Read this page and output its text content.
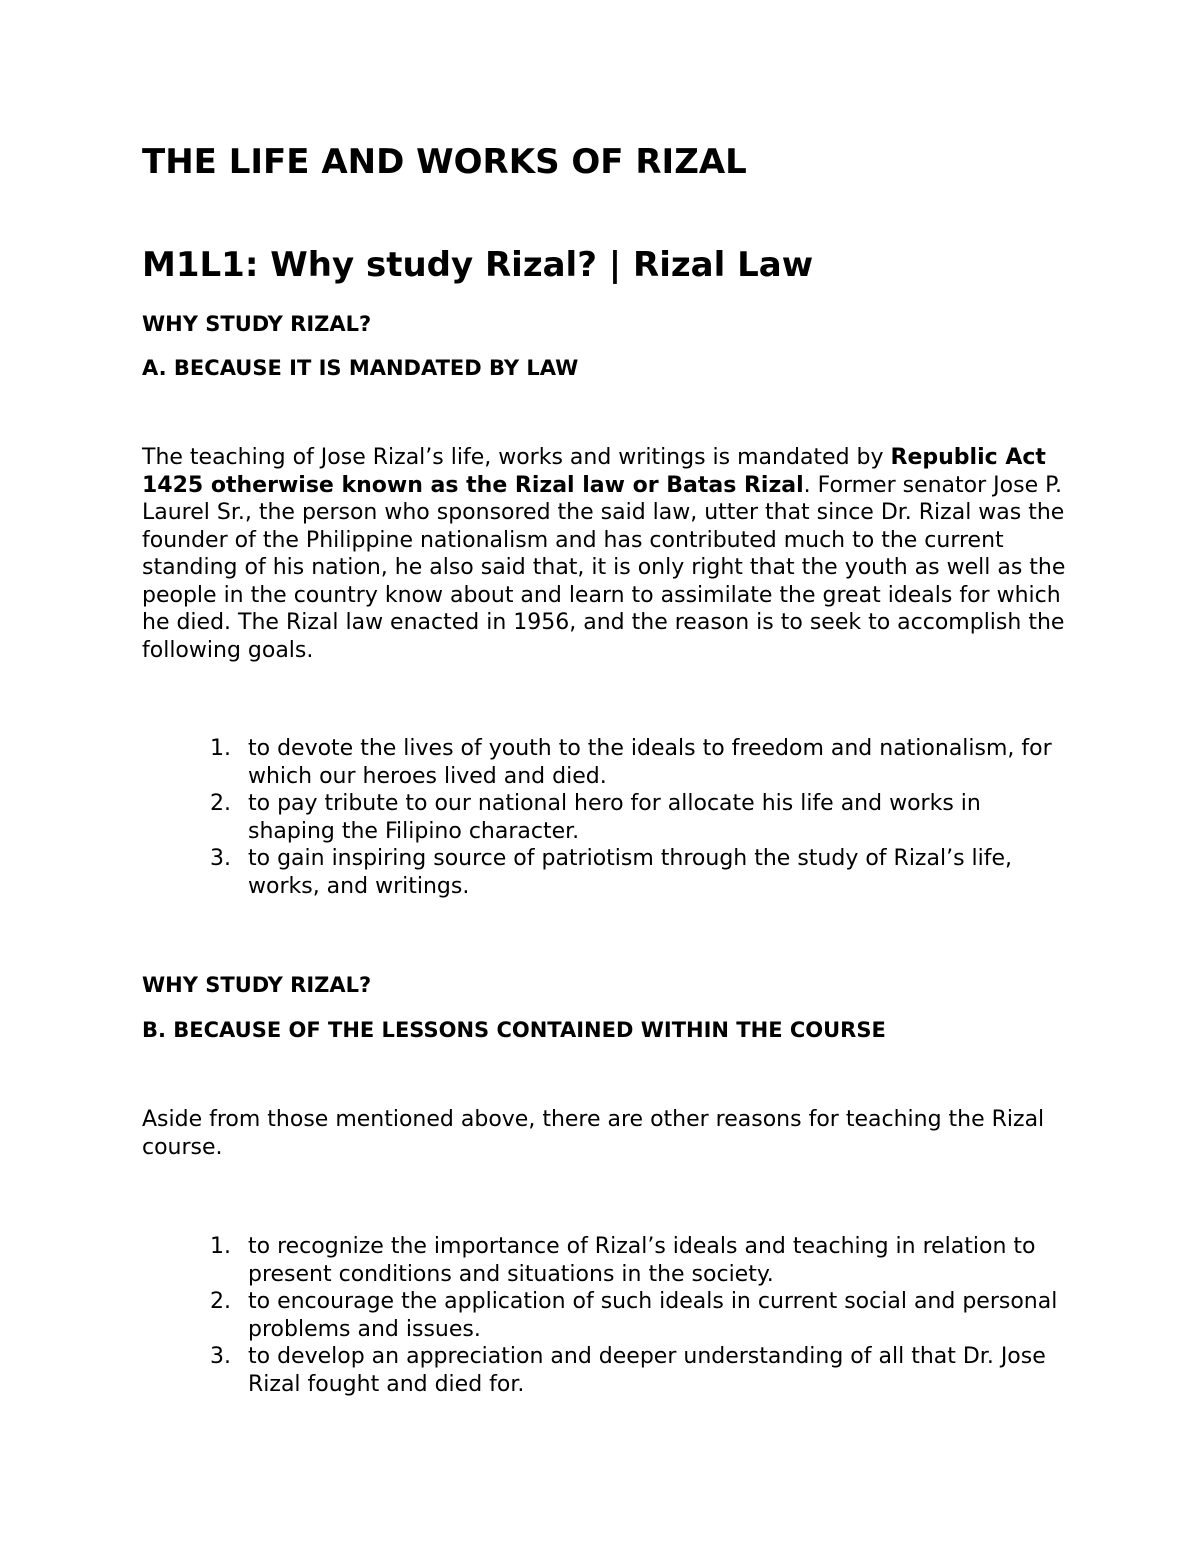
THE LIFE AND WORKS OF RIZAL
M1L1: Why study Rizal? | Rizal Law
WHY STUDY RIZAL?
A. BECAUSE IT IS MANDATED BY LAW

The teaching of Jose Rizal’s life, works and writings is mandated by Republic Act 1425 otherwise known as the Rizal law or Batas Rizal. Former senator Jose P. Laurel Sr., the person who sponsored the said law, utter that since Dr. Rizal was the founder of the Philippine nationalism and has contributed much to the current standing of his nation, he also said that, it is only right that the youth as well as the people in the country know about and learn to assimilate the great ideals for which he died. The Rizal law enacted in 1956, and the reason is to seek to accomplish the following goals.

1. to devote the lives of youth to the ideals to freedom and nationalism, for which our heroes lived and died.
2. to pay tribute to our national hero for allocate his life and works in shaping the Filipino character.
3. to gain inspiring source of patriotism through the study of Rizal’s life, works, and writings.
WHY STUDY RIZAL?
B. BECAUSE OF THE LESSONS CONTAINED WITHIN THE COURSE

Aside from those mentioned above, there are other reasons for teaching the Rizal course.

1. to recognize the importance of Rizal’s ideals and teaching in relation to present conditions and situations in the society.
2. to encourage the application of such ideals in current social and personal problems and issues.
3. to develop an appreciation and deeper understanding of all that Dr. Jose Rizal fought and died for.
